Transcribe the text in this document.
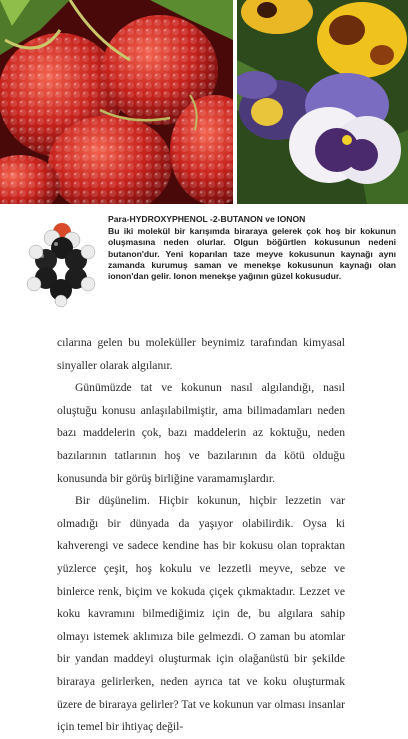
Para-HYDROXYPHENOL -2-BUTANON ve IONON
Bu iki molekül bir karışımda biraraya gelerek çok hoş bir kokunun oluşmasına neden olurlar. Olgun böğürtlen kokusunun nedeni butanon'dur. Yeni koparılan taze meyve kokusunun kaynağı aynı zamanda kurumuş saman ve menekşe kokusunun kaynağı olan ionon'dan gelir. Ionon menekşe yağının güzel kokusudur.

cılarına gelen bu moleküller beynimiz tarafından kimyasal sinyaller olarak algılanır.

Günümüzde tat ve kokunun nasıl algılandığı, nasıl oluştuğu konusu anlaşılabilmiştir, ama bilimadamları neden bazı maddelerin çok, bazı maddelerin az koktuğu, neden bazılarının tatlarının hoş ve bazılarının da kötü olduğu konusunda bir görüş birliğine varamamışlardır.

Bir düşünelim. Hiçbir kokunun, hiçbir lezzetin var olmadığı bir dünyada da yaşıyor olabilirdik. Oysa ki kahverengi ve sadece kendine has bir kokusu olan topraktan yüzlerce çeşit, hoş kokulu ve lezzetli meyve, sebze ve binlerce renk, biçim ve kokuda çiçek çıkmaktadır. Lezzet ve koku kavramını bilmediğimiz için de, bu algılara sahip olmayı istemek aklımıza bile gelmezdi. O zaman bu atomlar bir yandan maddeyi oluşturmak için olağanüstü bir şekilde biraraya gelirlerken, neden ayrıca tat ve koku oluşturmak üzere de biraraya gelirler? Tat ve kokunun var olması insanlar için temel bir ihtiyaç değil-
